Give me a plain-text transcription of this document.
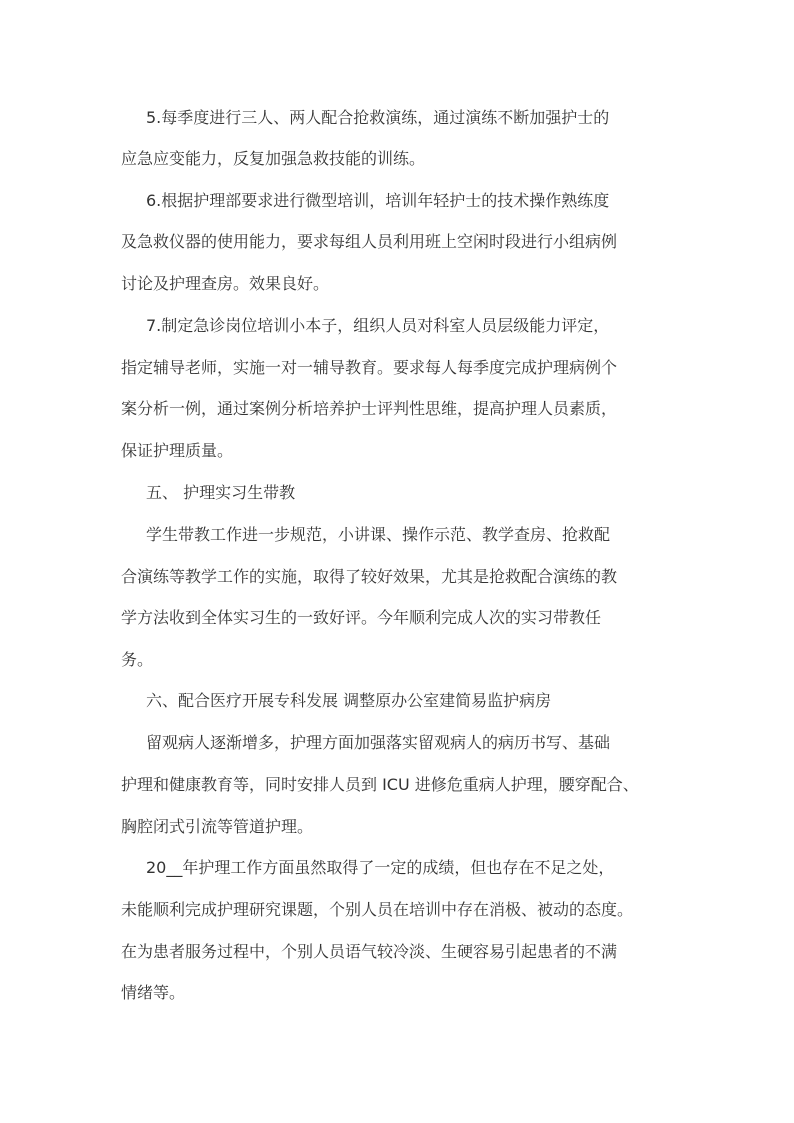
5.每季度进行三人、两人配合抢救演练，通过演练不断加强护士的

应急应变能力，反复加强急救技能的训练。

6.根据护理部要求进行微型培训，培训年轻护士的技术操作熟练度

及急救仪器的使用能力，要求每组人员利用班上空闲时段进行小组病例

讨论及护理查房。效果良好。

7.制定急诊岗位培训小本子，组织人员对科室人员层级能力评定，

指定辅导老师，实施一对一辅导教育。要求每人每季度完成护理病例个

案分析一例，通过案例分析培养护士评判性思维，提高护理人员素质，

保证护理质量。

五、 护理实习生带教

学生带教工作进一步规范，小讲课、操作示范、教学查房、抢救配

合演练等教学工作的实施，取得了较好效果，尤其是抢救配合演练的教

学方法收到全体实习生的一致好评。今年顺利完成人次的实习带教任

务。

六、配合医疗开展专科发展 调整原办公室建简易监护病房

留观病人逐渐增多，护理方面加强落实留观病人的病历书写、基础

护理和健康教育等，同时安排人员到 ICU 进修危重病人护理，腰穿配合、

胸腔闭式引流等管道护理。

20__年护理工作方面虽然取得了一定的成绩，但也存在不足之处，

未能顺利完成护理研究课题，个别人员在培训中存在消极、被动的态度。

在为患者服务过程中，个别人员语气较冷淡、生硬容易引起患者的不满

情绪等。
